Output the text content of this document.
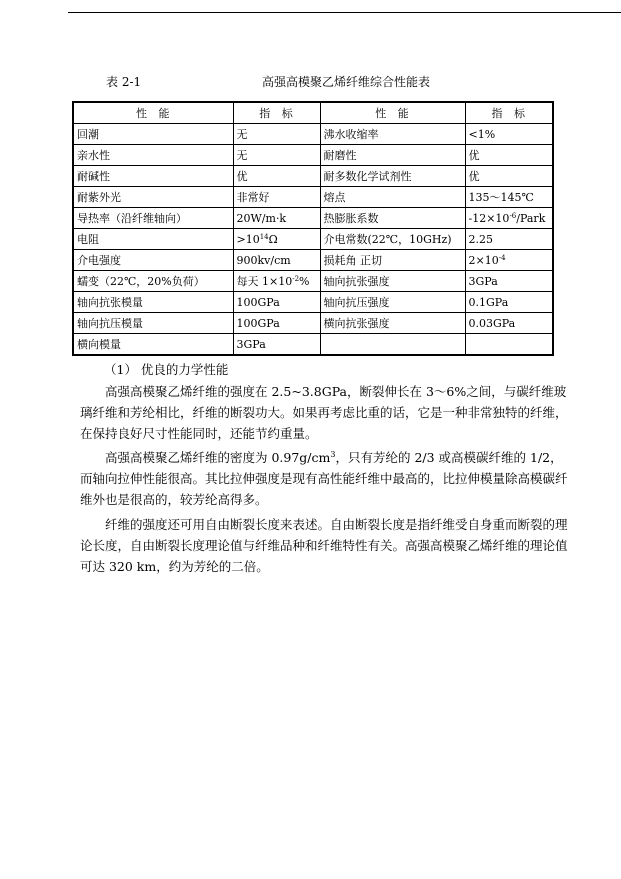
表 2-1	高强高模聚乙烯纤维综合性能表
性 能	指 标	性 能	指 标
回潮	无	沸水收缩率	<1%
亲水性	无	耐磨性	优
耐碱性	优	耐多数化学试剂性	优
耐紫外光	非常好	熔点	135～145℃
导热率（沿纤维轴向）	20W/m·k	热膨胀系数	$-12\times 10^{-6}$/Park
电阻	$>10^{14}\Omega$	介电常数(22℃，10GHz)	2.25
介电强度	900kv/cm	损耗角 正切	$2\times 10^{-4}$
蠕变（22℃，20%负荷）	每天 $1\times 10^{-2}\%$	轴向抗张强度	3GPa
轴向抗张模量	100GPa	轴向抗压强度	0.1GPa
轴向抗压模量	100GPa	横向抗张强度	0.03GPa
横向模量	3GPa		
（1） 优良的力学性能

高强高模聚乙烯纤维的强度在 2.5~3.8GPa，断裂伸长在 3～6%之间，与碳纤维玻璃纤维和芳纶相比，纤维的断裂功大。如果再考虑比重的话，它是一种非常独特的纤维，在保持良好尺寸性能同时，还能节约重量。

高强高模聚乙烯纤维的密度为 $0.97g/cm^3$，只有芳纶的 2/3 或高模碳纤维的 1/2，而轴向拉伸性能很高。其比拉伸强度是现有高性能纤维中最高的，比拉伸模量除高模碳纤维外也是很高的，较芳纶高得多。

纤维的强度还可用自由断裂长度来表述。自由断裂长度是指纤维受自身重而断裂的理论长度，自由断裂长度理论值与纤维品种和纤维特性有关。高强高模聚乙烯纤维的理论值可达 320 km，约为芳纶的二倍。
